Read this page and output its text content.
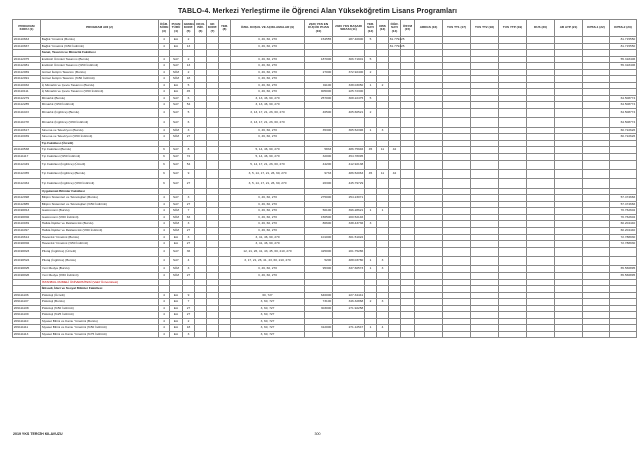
TABLO-4. Merkezi Yerleştirme ile Öğrenci Alan Yükseköğretim Lisans Programları
PROGRAM KODU (1)	PROGRAM ADI (2)	ÖĞR. SÜRE (3)	PUAN TÜRÜ (4)	GENEL KONT. (5)	OKUL BİR. (6)	EK KONT. (7)	YER. (8)	ÖZEL KOŞUL VE AÇIKLAMALAR (9)	2020 YKS EN KÜÇÜK PUAN (10)	2020 YKS BAŞARI SIRASI (11)	YER. SAYI (12)	OBS (13)	ÖĞR. SAYI (14)	ÖSYM (15)	ARDGS (16)	TUS TT1 (17)	TUS TT2 (18)	TUS YTP (19)	DUS (20)	AB AYP (21)	KPSS-1 (22)	KPSS-2 (23)
204110663	Bağlık Yönetimi (Burslu)	4	EA	2				3, 46, 60, 270	154555	287.40900	5		81.779425									81.715550
204110667	Bağlık Yönetimi (%50 İndirimli)	4	EA	13				3, 46, 60, 270					81.779425									81.715550
	Sanat, Tasarım ve Mimarlık Fakültesi																					
204112075	Endüstri Ürünleri Tasarımı (Burslu)	4	SAY	2				3, 46, 60, 270	187000	306.71901	5											55.318406
204112081	Endüstri Ürünleri Tasarımı (%50 İndirimli)	4	SAY	13				3, 46, 60, 270														55.318406
204112069	Görsel İletişim Tasarımı (Burslu)	4	SÖZ	2				3, 46, 60, 270	27000	372.92400	2											
204112091	Görsel İletişim Tasarımı (%50 İndirimli)	4	SÖZ	18				3, 46, 60, 270														
204110032	İç Mimarlık ve Çevre Tasarımı (Burslu)	4	EA	5				3, 46, 60, 270	91100	338.03050	1	2										
204110111	İç Mimarlık ve Çevre Tasarımı (%50 İndirimli)	4	EA	45				3, 46, 60, 270	905000	225.72300												
204112279	Mimarlık (Burslu)	4	SAY	6				3, 13, 46, 60, 270	257000	308.22475	5											64.508774
204112285	Mimarlık (%50 İndirimli)	4	SAY	54				3, 13, 46, 60, 270														64.508774
204111023	Mimarlık (İngilizce) (Burslu)	4	SAY	5				3, 13, 17, 21, 26, 60, 270	46500	405.60521	2											64.508774
204111078	Mimarlık (İngilizce) (%50 İndirimli)	4	SAY	6				3, 13, 17, 21, 26, 60, 270														64.508774
204110617	Sinema ve Televizyon (Burslu)	4	SÖZ	3				3, 46, 60, 270	35300	365.52396	1	3										60.722626
204110039	Sinema ve Televizyon (%50 İndirimli)	4	SÖZ	27				3, 46, 60, 270														60.722626
	Tıp Fakültesi (Ücretli)																					
204110538	Tıp Fakültesi (Burslu)	6	SAY	8				5, 14, 46, 60, 270	5833	486.75946	45	11	42									
204111117	Tıp Fakültesi (%50 İndirimli)	6	SAY	72				5, 14, 46, 60, 270	32000	454.78095												
204112449	Tıp Fakültesi (İngilizce) (Ücretli)	6	SAY	54				5, 14, 17, 21, 26, 60, 270	44200	412.92138												
204112455	Tıp Fakültesi (İngilizce) (Burslu)	6	SAY	9				3, 5, 14, 17, 21, 26, 60, 270	9733	486.52063	45	11	42									
204112464	Tıp Fakültesi (İngilizce) (%50 İndirimli)	6	SAY	27				3, 5, 14, 17, 21, 26, 60, 270	26300	445.79729												
	Uygulamalı Bilimler Fakültesi																					
204112098	Bilişim Sistemleri ve Teknolojileri (Burslu)	4	SAY	3				3, 46, 60, 270	275000	254.23071												57.474666
204112885	Bilişim Sistemleri ve Teknolojileri (%50 İndirimli)	4	SAY	27				3, 46, 60, 270														57.474666
204190813	Gastronomi (Burslu)	4	SÖZ	7				3, 46, 60, 270	50100	396.28621	1	1										70.762602
204190802	Gastronomi (%50 İndirimli)	4	SÖZ	63				3, 46, 60, 270	156500	200.52146												70.762602
204110039	Halkla İlişkiler ve Reklamcılık (Burslu)	4	SÖZ	3				3, 46, 60, 270	86600	338.43736	3											60.204440
204111097	Halkla İlişkiler ve Reklamcılık (%50 İndirimli)	4	SÖZ	27				3, 46, 60, 270														60.204440
204116614	Havacılık Yönetimi (Burslu)	4	EA	3				3, 41, 46, 60, 270	101000	301.51022												72.788930
204190802	Havacılık Yönetimi (%50 İndirimli)	4	EA	27				3, 41, 46, 60, 270														72.788930
204190823	Pilotaj (İngilizce) (Ücretli)	4	SAY	36				12, 21, 26, 41, 43, 45, 60, 210, 270	425000	201.75286												
204190524	Pilotaj (İngilizce) (Burslu)	4	SAY	4				3, 17, 21, 26, 41, 43, 60, 210, 270	5200	488.03780	1	3										
204190825	Yeni Medya (Burslu)	4	SÖZ	3				3, 46, 60, 270	95300	337.60573	1	3										65.566895
204190826	Yeni Medya (%50 İndirimli)	4	SÖZ	27				3, 46, 60, 270														65.566895
	İSTANBUL RUMELİ ÜNİVERSİTESİ (Vakıf Üniversitesi)																					
	İktisadi, İdari ve Sosyal Bilimler Fakültesi																					
209111106	Psikoloji (Ücretli)	4	EA	9				60, 727	646000	227.34441												
209111107	Psikoloji (Burslu)	4	EA	7				3, 60, 727	73100	346.32868	2	3										
209111108	Psikoloji (%50 İndirimli)	4	EA	27				3, 60, 727	303000	271.92258												
209111109	Psikoloji (%25 İndirimli)	4	EA	27				3, 60, 727														
209111110	Siyaset Bilimi ve Kamu Yönetimi (Burslu)	4	EA	2				3, 60, 727														
209111111	Siyaset Bilimi ve Kamu Yönetimi (%50 İndirimli)	4	EA	18				3, 60, 727	312000	271.12547	1	4										
209111113	Siyaset Bilimi ve Kamu Yönetimi (%75 İndirimli)	4	EA	3				3, 60, 727														
2019 YKS TERCİH KILAVUZU	300
